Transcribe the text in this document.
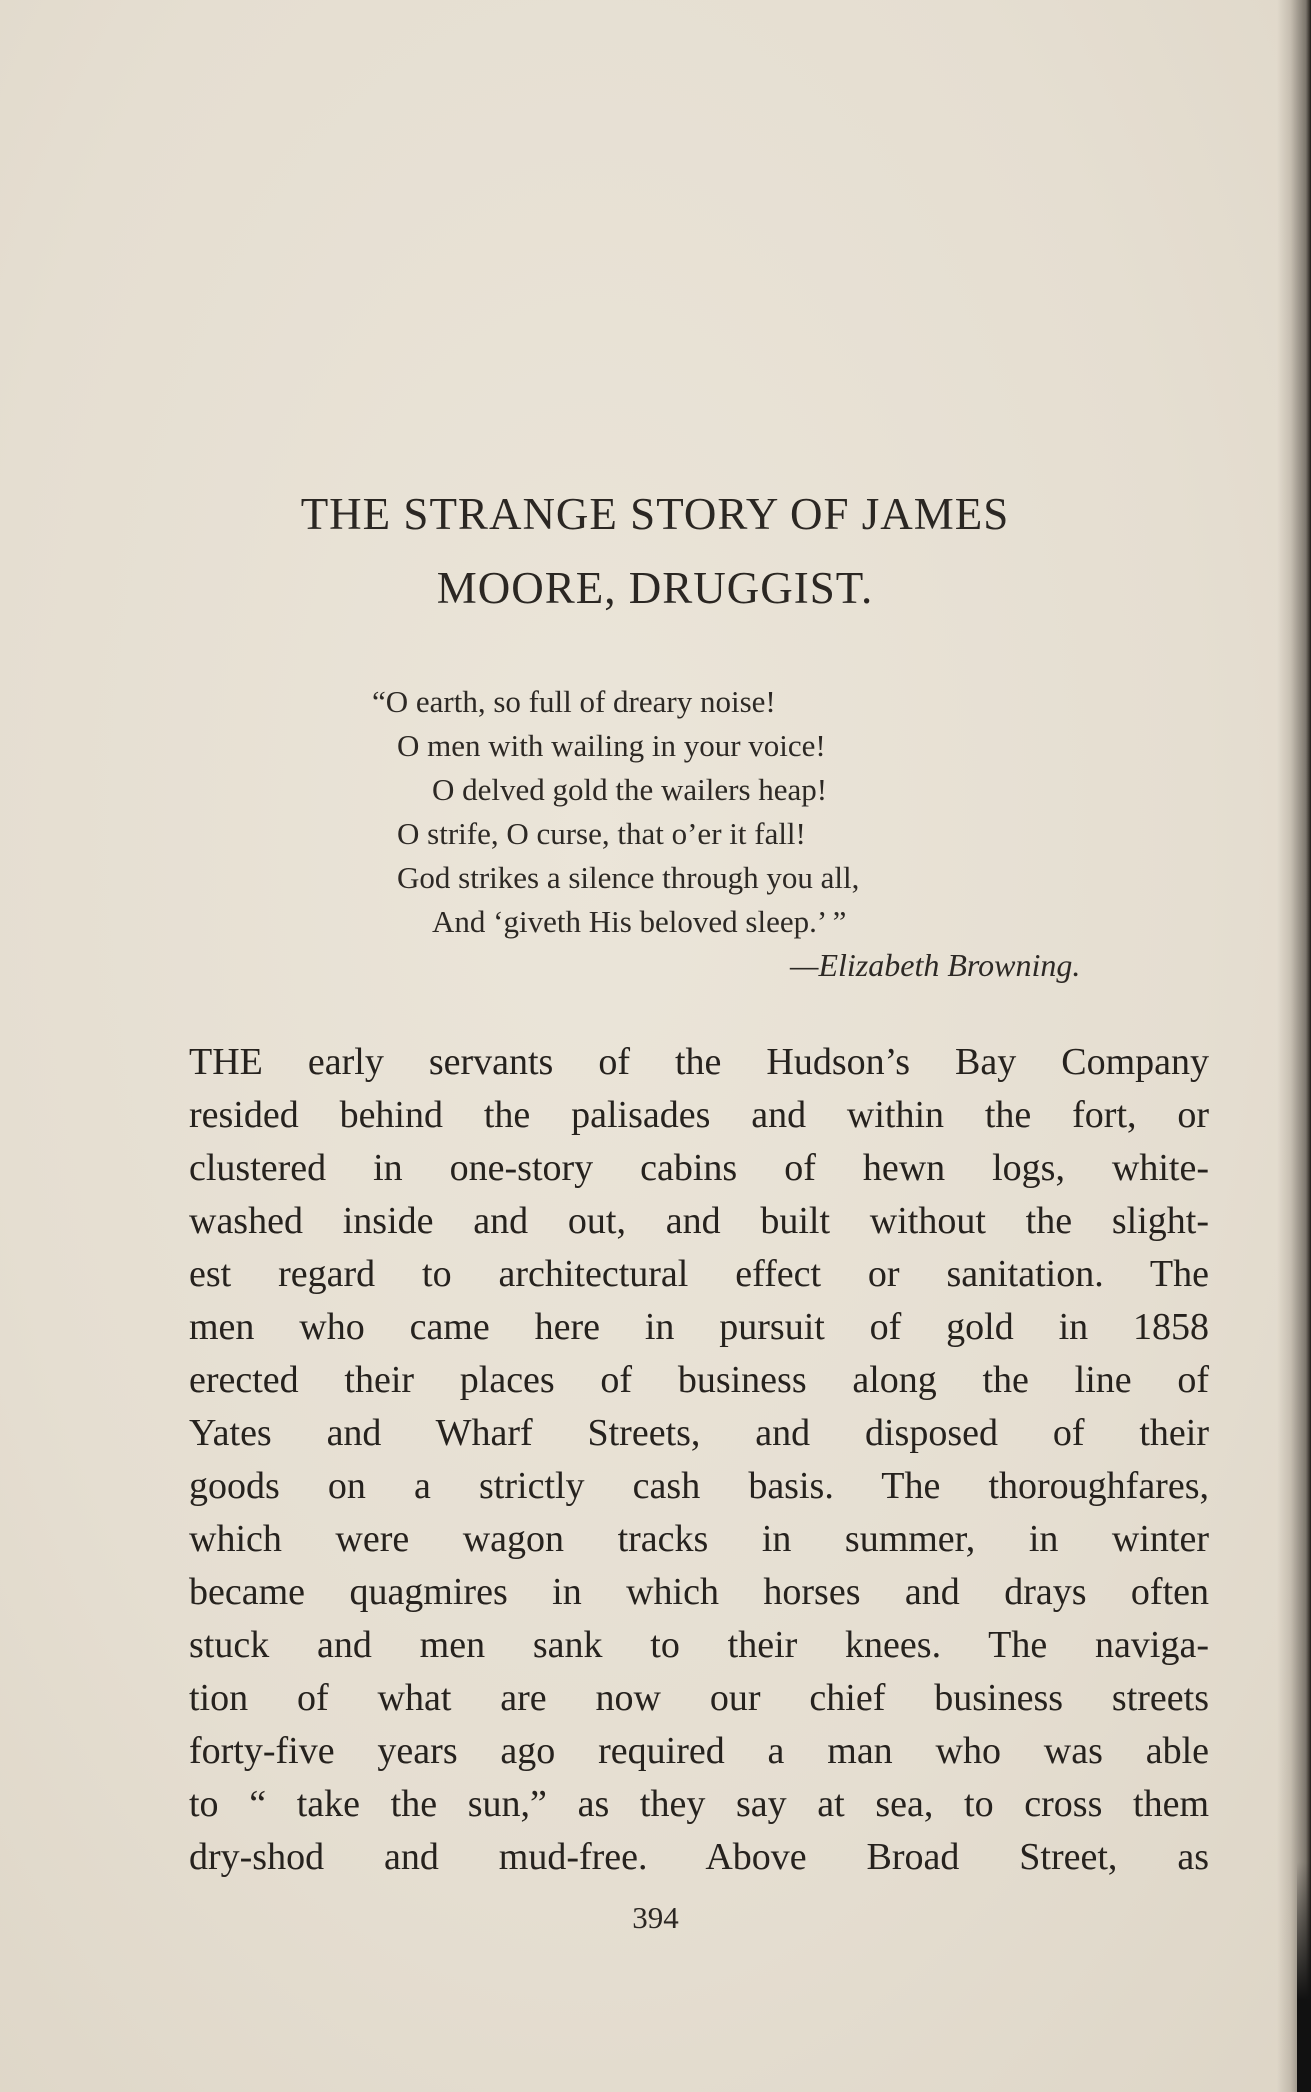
THE STRANGE STORY OF JAMES
MOORE, DRUGGIST.
“O earth, so full of dreary noise!
O men with wailing in your voice!
O delved gold the wailers heap!
O strife, O curse, that o’er it fall!
God strikes a silence through you all,
And ‘giveth His beloved sleep.’ ”
—Elizabeth Browning.
THE early servants of the Hudson’s Bay Company
resided behind the palisades and within the fort, or
clustered in one-story cabins of hewn logs, white-
washed inside and out, and built without the slight-
est regard to architectural effect or sanitation. The
men who came here in pursuit of gold in 1858
erected their places of business along the line of
Yates and Wharf Streets, and disposed of their
goods on a strictly cash basis. The thoroughfares,
which were wagon tracks in summer, in winter
became quagmires in which horses and drays often
stuck and men sank to their knees. The naviga-
tion of what are now our chief business streets
forty-five years ago required a man who was able
to “ take the sun,” as they say at sea, to cross them
dry-shod and mud-free. Above Broad Street, as
394
